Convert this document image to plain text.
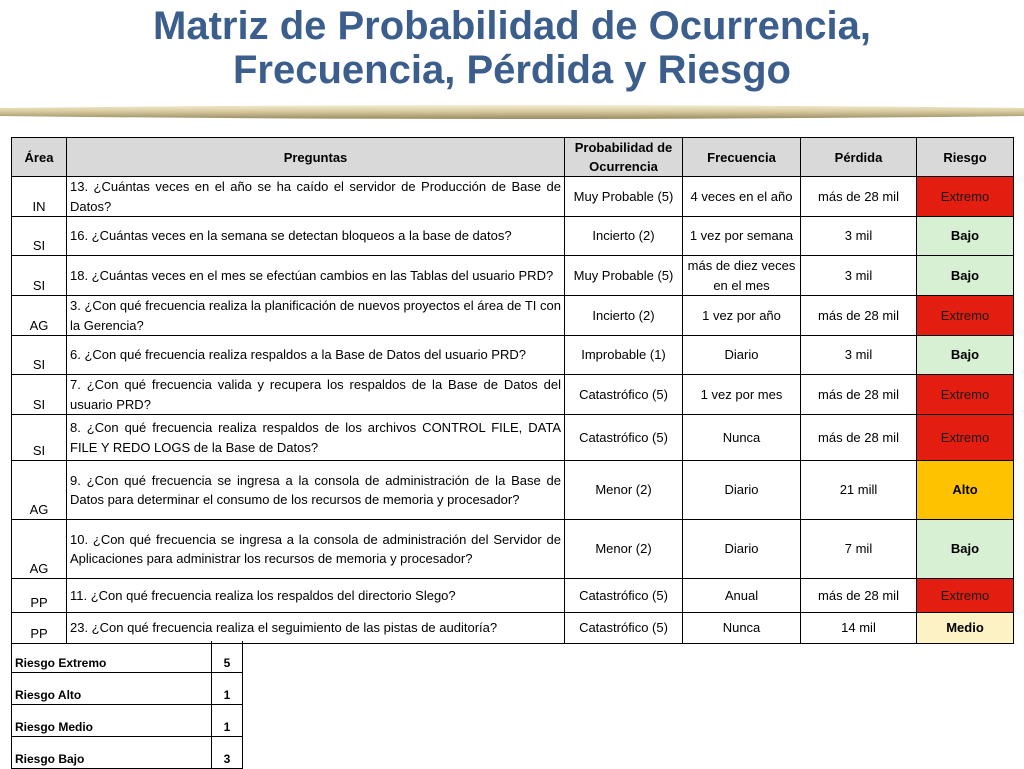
Matriz de Probabilidad de Ocurrencia,
Frecuencia, Pérdida y Riesgo
Área	Preguntas	Probabilidad de Ocurrencia	Frecuencia	Pérdida	Riesgo
IN	13. ¿Cuántas veces en el año se ha caído el servidor de Producción de Base de Datos?	Muy Probable (5)	4 veces en el año	más de 28 mil	Extremo
SI	16. ¿Cuántas veces en la semana se detectan bloqueos a la base de datos?	Incierto (2)	1 vez por semana	3 mil	Bajo
SI	18. ¿Cuántas veces en el mes se efectúan cambios en las Tablas del usuario PRD?	Muy Probable (5)	más de diez veces en el mes	3 mil	Bajo
AG	3. ¿Con qué frecuencia realiza la planificación de nuevos proyectos el área de TI con la Gerencia?	Incierto (2)	1 vez por año	más de 28 mil	Extremo
SI	6. ¿Con qué frecuencia realiza respaldos a la Base de Datos del usuario PRD?	Improbable (1)	Diario	3 mil	Bajo
SI	7. ¿Con qué frecuencia valida y recupera los respaldos de la Base de Datos del usuario PRD?	Catastrófico (5)	1 vez por mes	más de 28 mil	Extremo
SI	8. ¿Con qué frecuencia realiza respaldos de los archivos CONTROL FILE, DATA FILE Y REDO LOGS de la Base de Datos?	Catastrófico (5)	Nunca	más de 28 mil	Extremo
AG	9. ¿Con qué frecuencia se ingresa a la consola de administración de la Base de Datos para determinar el consumo de los recursos de memoria y procesador?	Menor (2)	Diario	21 mill	Alto
AG	10. ¿Con qué frecuencia se ingresa a la consola de administración del Servidor de Aplicaciones para administrar los recursos de memoria y procesador?	Menor (2)	Diario	7 mil	Bajo
PP	11. ¿Con qué frecuencia realiza los respaldos del directorio Slego?	Catastrófico (5)	Anual	más de 28 mil	Extremo
PP	23. ¿Con qué frecuencia realiza el seguimiento de las pistas de auditoría?	Catastrófico (5)	Nunca	14 mil	Medio
Riesgo Extremo	5
Riesgo Alto	1
Riesgo Medio	1
Riesgo Bajo	3
